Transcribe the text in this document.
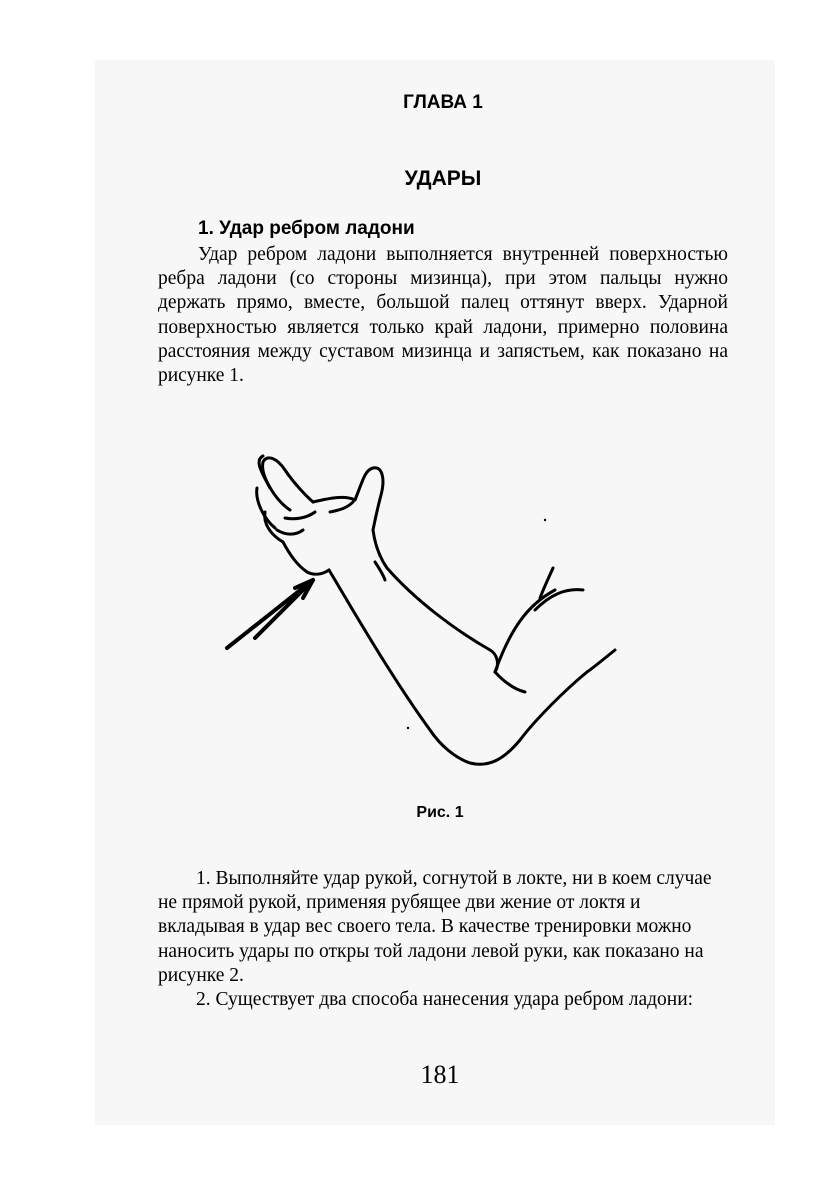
ГЛАВА 1
УДАРЫ
1. Удар ребром ладони

Удар ребром ладони выполняется внутренней поверхностью ребра ладони (со стороны мизинца), при этом пальцы нужно держать прямо, вместе, большой палец оттянут вверх. Ударной поверхностью является только край ладони, примерно половина расстояния между суставом мизинца и запястьем, как показано на рисунке 1.

Рис. 1

1. Выполняйте удар рукой, согнутой в локте, ни в коем случае не прямой рукой, применяя рубящее дви жение от локтя и вкладывая в удар вес своего тела. В качестве тренировки можно наносить удары по откры той ладони левой руки, как показано на рисунке 2.

2. Существует два способа нанесения удара ребром ладони:

181
